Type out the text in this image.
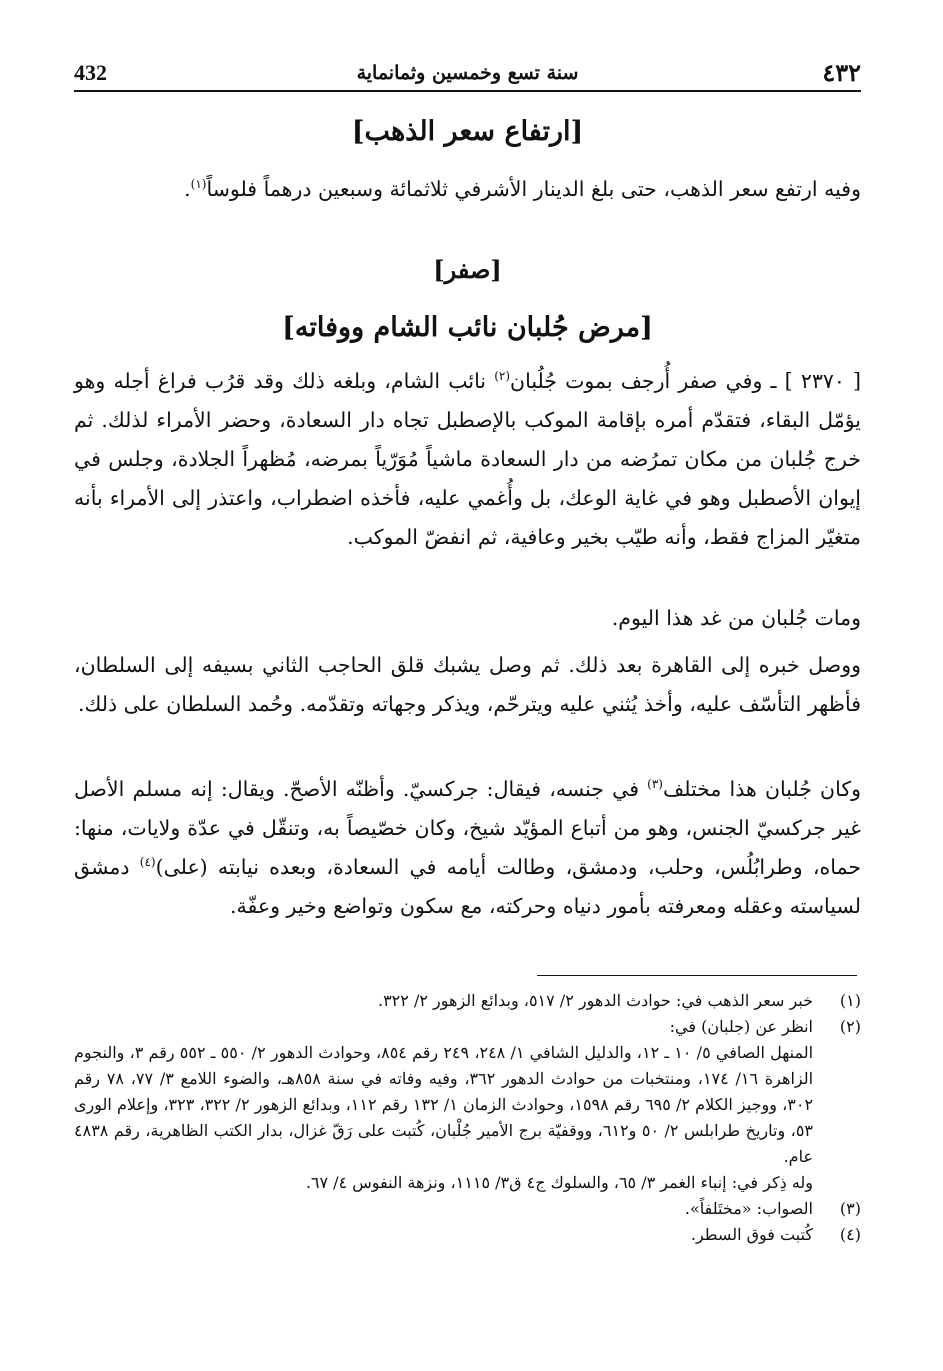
٤٣٢
سنة تسع وخمسين وثمانماية
432
[ارتفاع سعر الذهب]
وفيه ارتفع سعر الذهب، حتى بلغ الدينار الأشرفي ثلاثمائة وسبعين درهماً فلوساً$^{(١)}$.
[صفر]
[مرض جُلبان نائب الشام ووفاته]
[ ٢٣٧٠ ] ـ وفي صفر أُرجف بموت جُلُبان$^{(٢)}$ نائب الشام، وبلغه ذلك وقد قرُب فراغ أجله وهو يؤمّل البقاء، فتقدّم أمره بإقامة الموكب بالإصطبل تجاه دار السعادة، وحضر الأمراء لذلك. ثم خرج جُلبان من مكان تمرُضه من دار السعادة ماشياً مُوَرّياً بمرضه، مُظهراً الجلادة، وجلس في إيوان الأصطبل وهو في غاية الوعك، بل وأُغمي عليه، فأخذه اضطراب، واعتذر إلى الأمراء بأنه متغيّر المزاج فقط، وأنه طيّب بخير وعافية، ثم انفضّ الموكب.
ومات جُلبان من غد هذا اليوم.
ووصل خبره إلى القاهرة بعد ذلك. ثم وصل يشبك قلق الحاجب الثاني بسيفه إلى السلطان، فأظهر التأسّف عليه، وأخذ يُثني عليه ويترحّم، ويذكر وجهاته وتقدّمه. وحُمد السلطان على ذلك.
وكان جُلبان هذا مختلف$^{(٣)}$ في جنسه، فيقال: جركسيّ. وأظنّه الأصحّ. ويقال: إنه مسلم الأصل غير جركسيّ الجنس، وهو من أتباع المؤيّد شيخ، وكان خصّيصاً به، وتنقّل في عدّة ولايات، منها: حماه، وطرابُلُس، وحلب، ودمشق، وطالت أيامه في السعادة، وبعده نيابته (على)$^{(٤)}$ دمشق لسياسته وعقله ومعرفته بأمور دنياه وحركته، مع سكون وتواضع وخير وعفّة.
(١)
خبر سعر الذهب في: حوادث الدهور ٢/ ٥١٧، وبدائع الزهور ٢/ ٣٢٢.
(٢)
انظر عن (جلبان) في:
المنهل الصافي ٥/ ١٠ ـ ١٢، والدليل الشافي ١/ ٢٤٨، ٢٤٩ رقم ٨٥٤، وحوادث الدهور ٢/ ٥٥٠ ـ ٥٥٢ رقم ٣، والنجوم الزاهرة ١٦/ ١٧٤، ومنتخبات من حوادث الدهور ٣٦٢، وفيه وفاته في سنة ٨٥٨هـ، والضوء اللامع ٣/ ٧٧، ٧٨ رقم ٣٠٢، ووجيز الكلام ٢/ ٦٩٥ رقم ١٥٩٨، وحوادث الزمان ١/ ١٣٢ رقم ١١٢، وبدائع الزهور ٢/ ٣٢٢، ٣٢٣، وإعلام الورى ٥٣، وتاريخ طرابلس ٢/ ٥٠ و٦١٢، ووقفيّة برج الأمير جُلْبان، كُتبت على رَقّ غزال، بدار الكتب الظاهرية، رقم ٤٨٣٨ عام.
وله ذِكر في: إنباء الغمر ٣/ ٦٥، والسلوك ج٤ ق٣/ ١١١٥، ونزهة النفوس ٤/ ٦٧.
(٣)
الصواب: «مختَلفاً».
(٤)
كُتبت فوق السطر.
